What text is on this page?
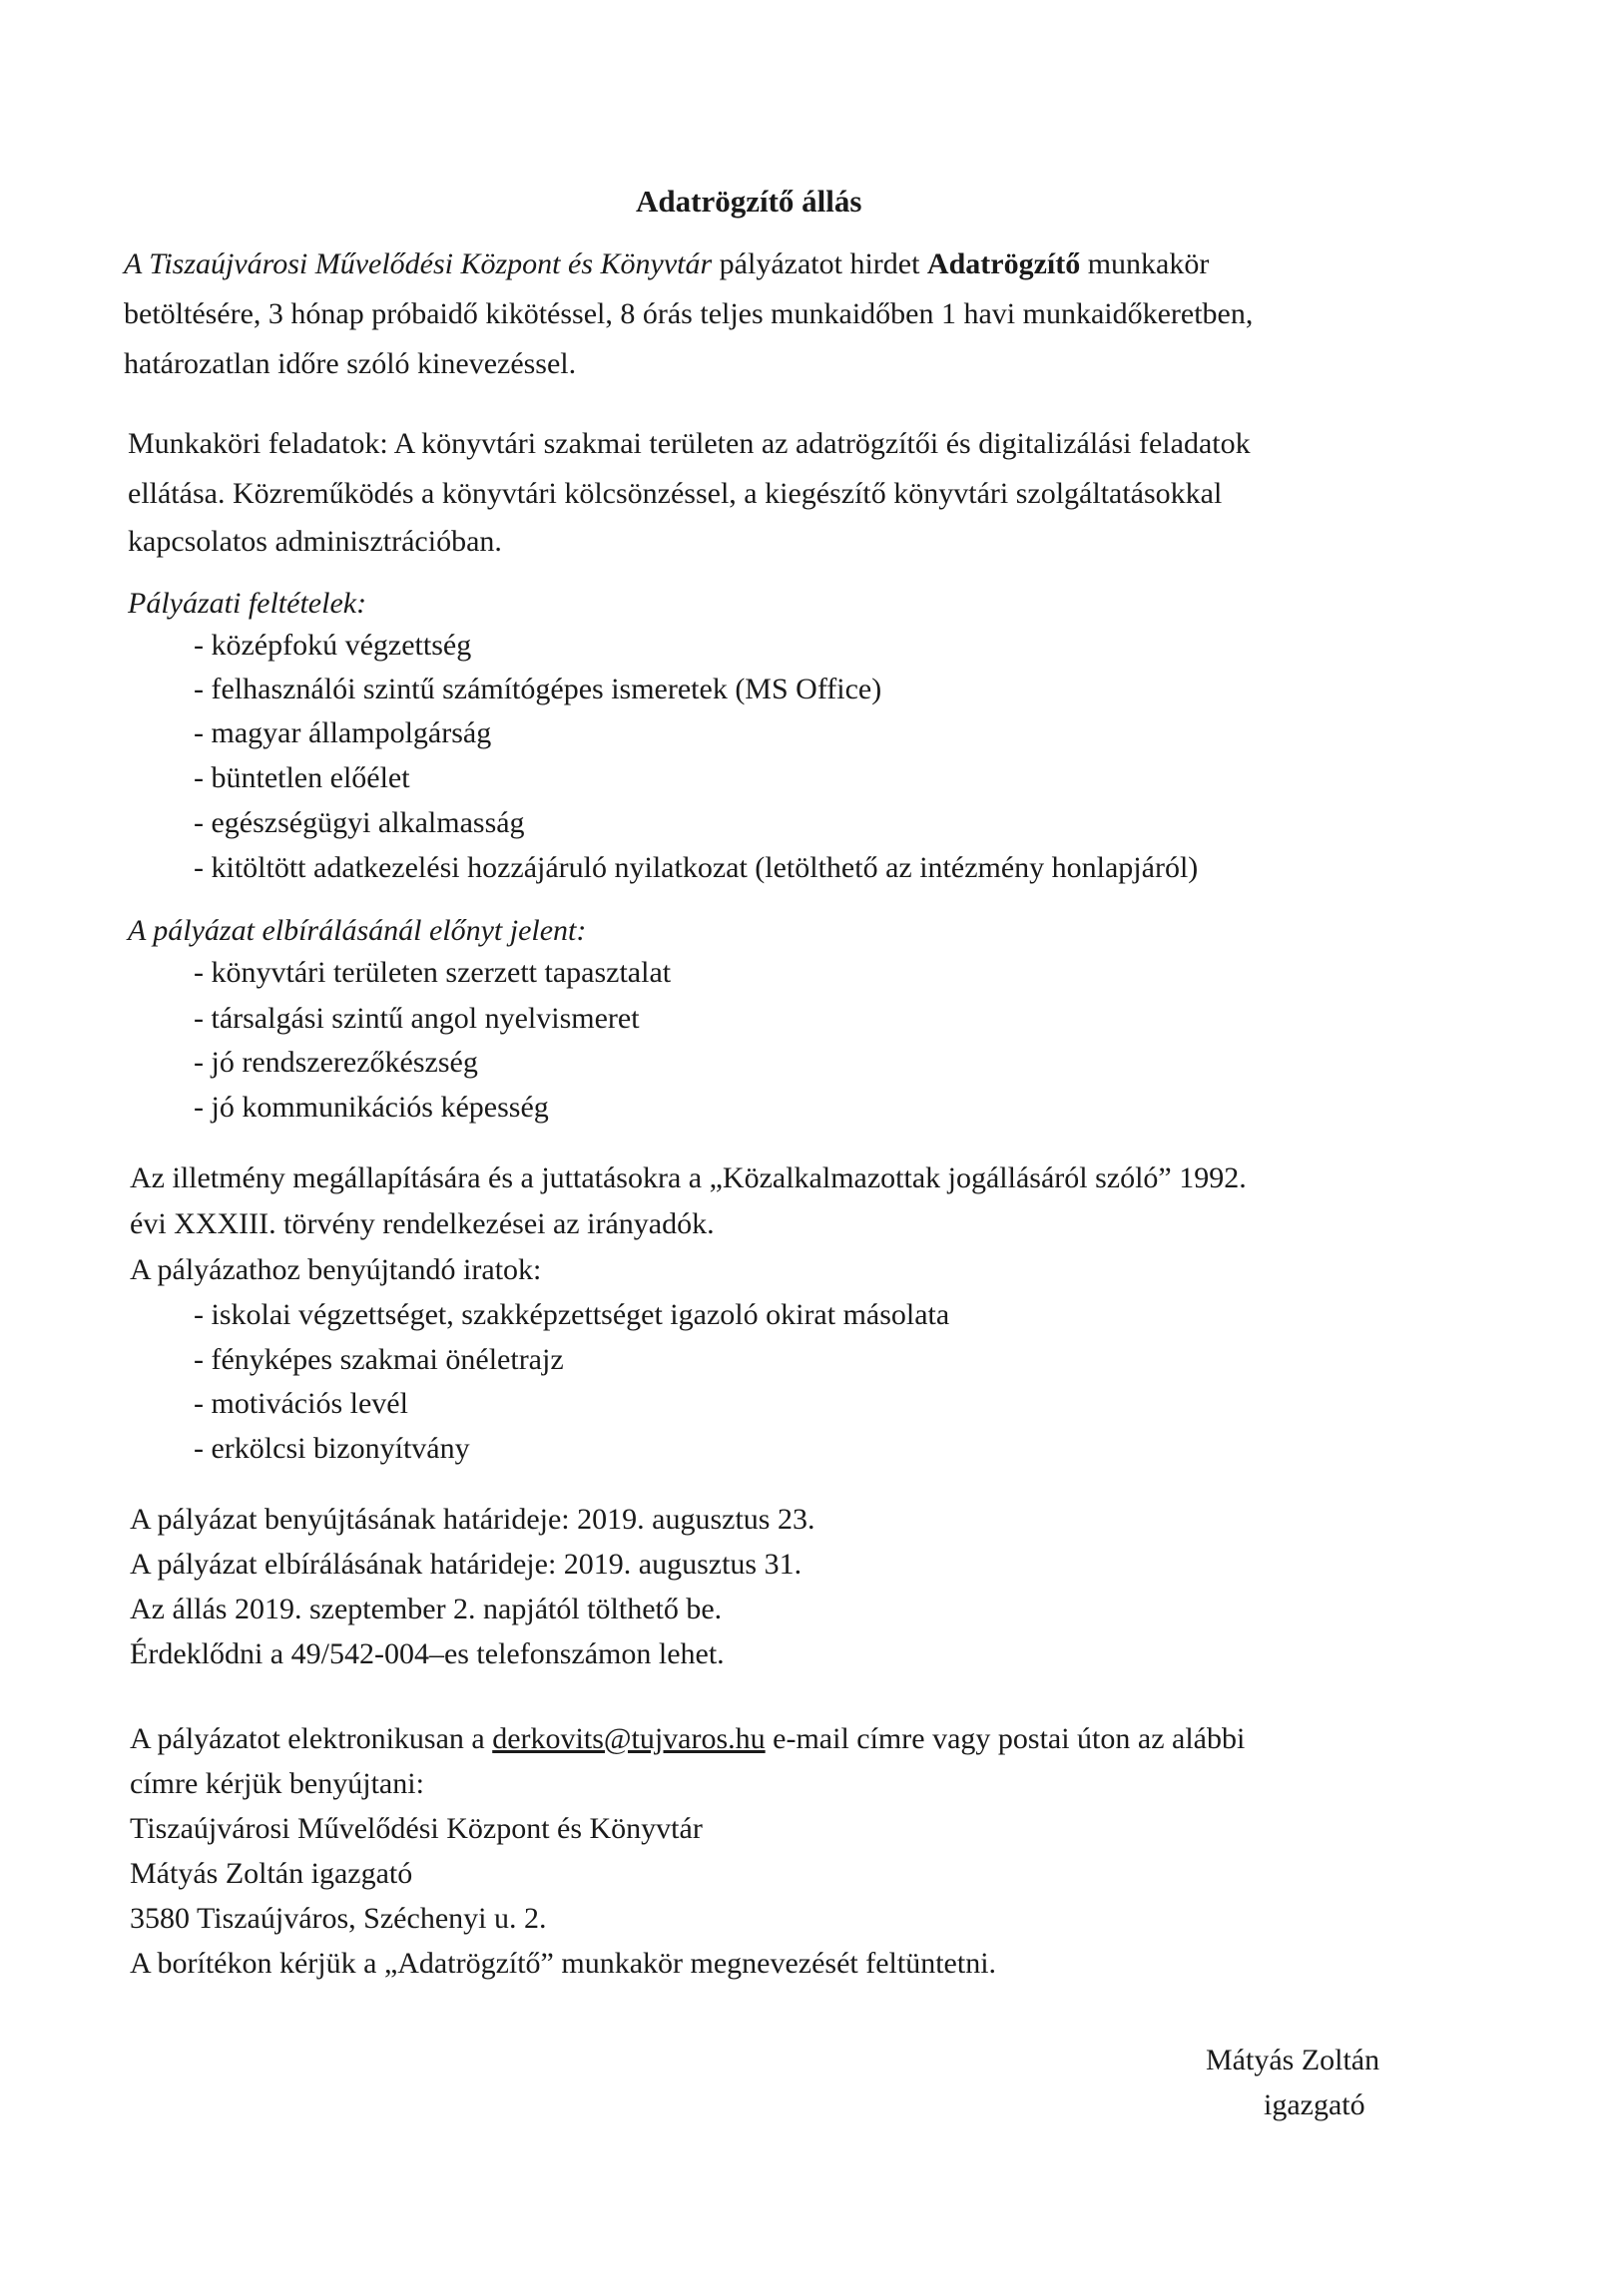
Adatrögzítő állás
A Tiszaújvárosi Művelődési Központ és Könyvtár pályázatot hirdet Adatrögzítő munkakör
betöltésére, 3 hónap próbaidő kikötéssel, 8 órás teljes munkaidőben 1 havi munkaidőkeretben,
határozatlan időre szóló kinevezéssel.
Munkaköri feladatok: A könyvtári szakmai területen az adatrögzítői és digitalizálási feladatok
ellátása. Közreműködés a könyvtári kölcsönzéssel, a kiegészítő könyvtári szolgáltatásokkal
kapcsolatos adminisztrációban.
Pályázati feltételek:
- középfokú végzettség
- felhasználói szintű számítógépes ismeretek (MS Office)
- magyar állampolgárság
- büntetlen előélet
- egészségügyi alkalmasság
- kitöltött adatkezelési hozzájáruló nyilatkozat (letölthető az intézmény honlapjáról)
A pályázat elbírálásánál előnyt jelent:
- könyvtári területen szerzett tapasztalat
- társalgási szintű angol nyelvismeret
- jó rendszerezőkészség
- jó kommunikációs képesség
Az illetmény megállapítására és a juttatásokra a „Közalkalmazottak jogállásáról szóló” 1992.
évi XXXIII. törvény rendelkezései az irányadók.
A pályázathoz benyújtandó iratok:
- iskolai végzettséget, szakképzettséget igazoló okirat másolata
- fényképes szakmai önéletrajz
- motivációs levél
- erkölcsi bizonyítvány
A pályázat benyújtásának határideje: 2019. augusztus 23.
A pályázat elbírálásának határideje: 2019. augusztus 31.
Az állás 2019. szeptember 2. napjától tölthető be.
Érdeklődni a 49/542-004–es telefonszámon lehet.
A pályázatot elektronikusan a derkovits@tujvaros.hu e-mail címre vagy postai úton az alábbi
címre kérjük benyújtani:
Tiszaújvárosi Művelődési Központ és Könyvtár
Mátyás Zoltán igazgató
3580 Tiszaújváros, Széchenyi u. 2.
A borítékon kérjük a „Adatrögzítő” munkakör megnevezését feltüntetni.
Mátyás Zoltán
igazgató
